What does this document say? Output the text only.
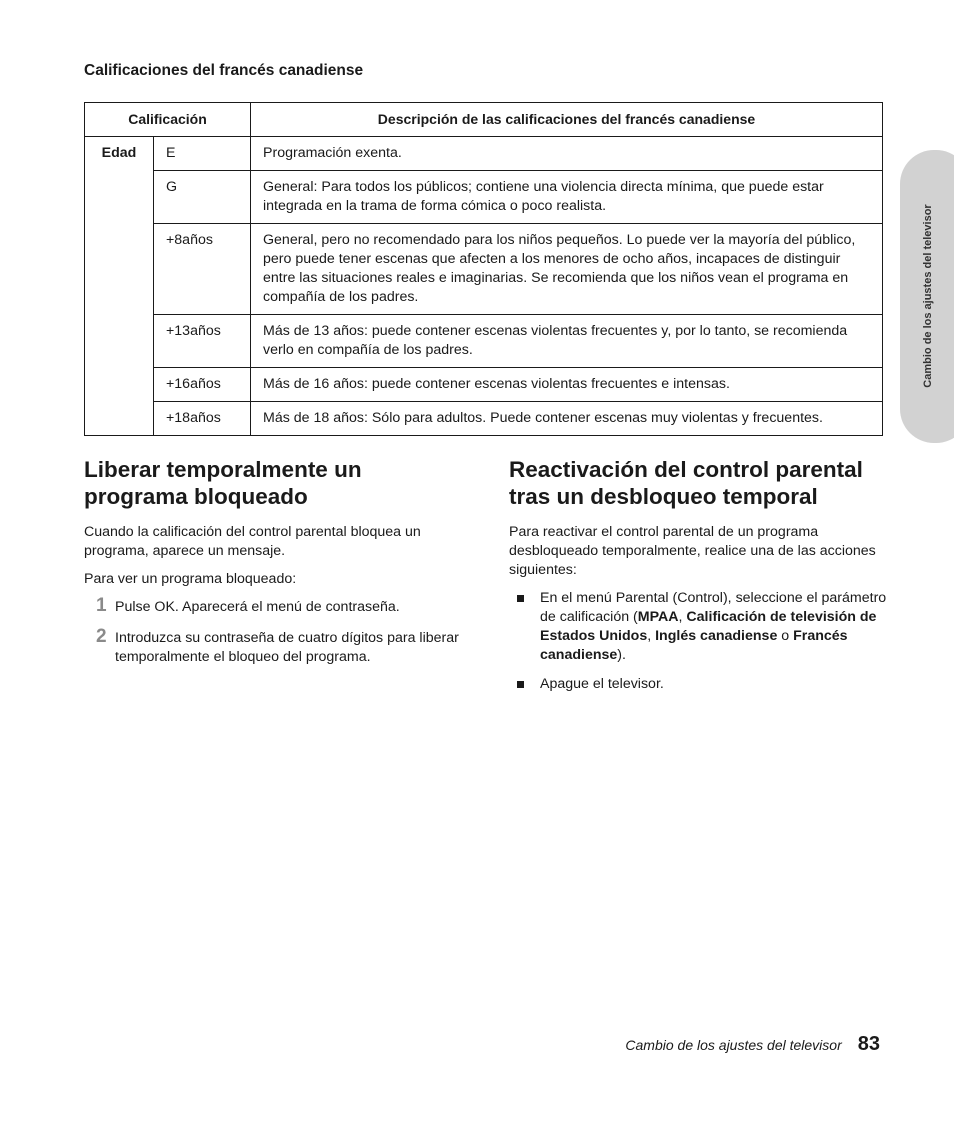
Calificaciones del francés canadiense
Calificación		Descripción de las calificaciones del francés canadiense
Edad	E	Programación exenta.
	G	General: Para todos los públicos; contiene una violencia directa mínima, que puede estar integrada en la trama de forma cómica o poco realista.
	+8años	General, pero no recomendado para los niños pequeños. Lo puede ver la mayoría del público, pero puede tener escenas que afecten a los menores de ocho años, incapaces de distinguir entre las situaciones reales e imaginarias. Se recomienda que los niños vean el programa en compañía de los padres.
	+13años	Más de 13 años: puede contener escenas violentas frecuentes y, por lo tanto, se recomienda verlo en compañía de los padres.
	+16años	Más de 16 años: puede contener escenas violentas frecuentes e intensas.
	+18años	Más de 18 años: Sólo para adultos. Puede contener escenas muy violentas y frecuentes.
Liberar temporalmente un programa bloqueado

Cuando la calificación del control parental bloquea un programa, aparece un mensaje.

Para ver un programa bloqueado:

1 Pulse OK. Aparecerá el menú de contraseña.
2 Introduzca su contraseña de cuatro dígitos para liberar temporalmente el bloqueo del programa.
Reactivación del control parental tras un desbloqueo temporal

Para reactivar el control parental de un programa desbloqueado temporalmente, realice una de las acciones siguientes:

En el menú Parental (Control), seleccione el parámetro de calificación (MPAA, Calificación de televisión de Estados Unidos, Inglés canadiense o Francés canadiense).
Apague el televisor.
Cambio de los ajustes del televisor
Cambio de los ajustes del televisor 83
